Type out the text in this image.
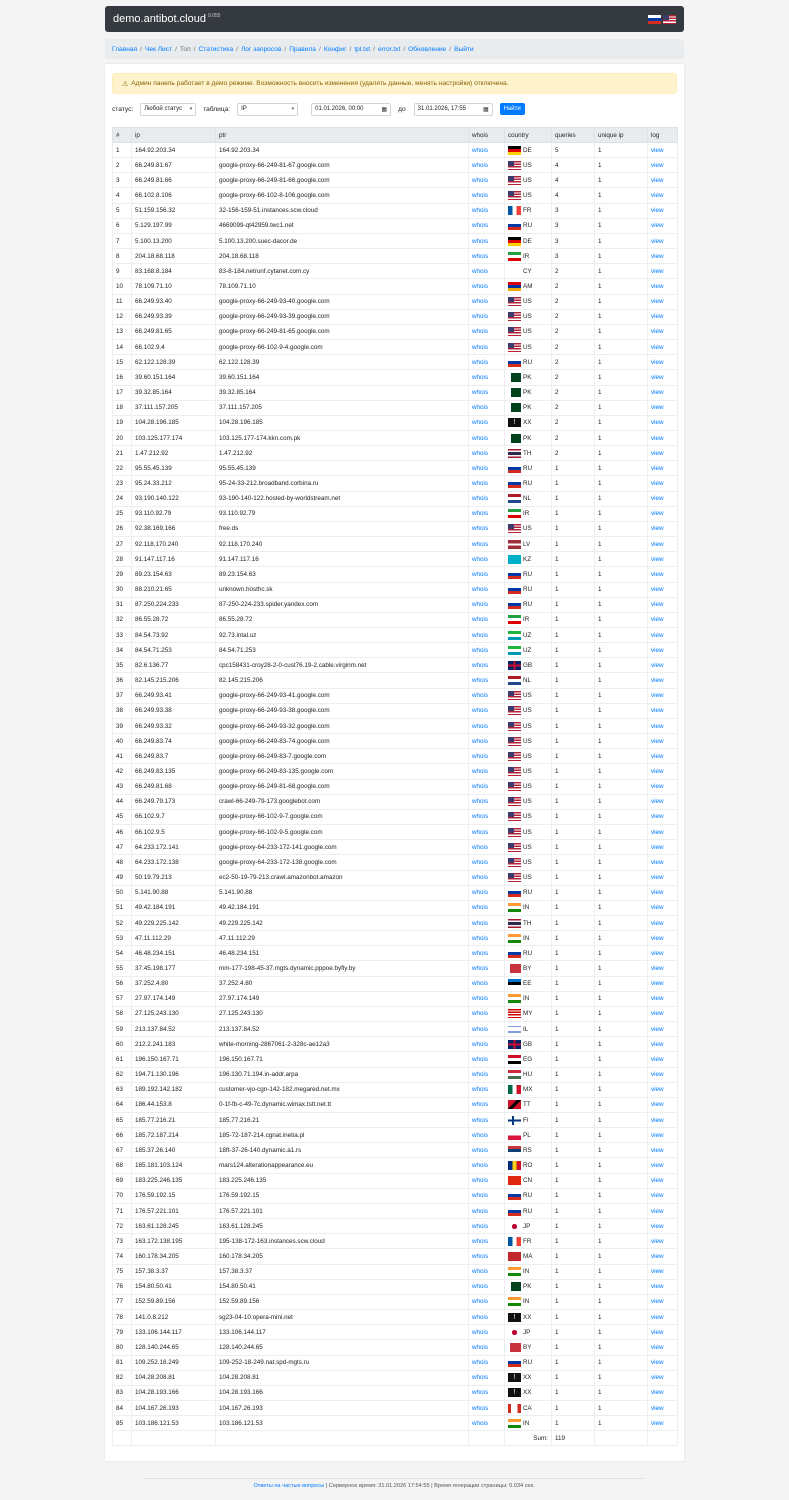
demo.antibot.cloud $^{9.055}$
Главная / Чек Лист / Топ / Статистика / Лог запросов / Правила / Конфиг / tpl.txt / error.txt / Обновление / Выйти
⚠ Админ панель работает в демо режиме. Возможность вносить изменения (удалять данные, менять настройки) отключена.
статус: Любой статус ▾ таблица: IP	▾	01.01.2026, 00:00	▦ до 31.01.2026, 17:55	▦	Найти
#	ip	ptr	whois	country	queries	unique ip	log
1	164.92.203.34	164.92.203.34	whois	DE	5	1	view
2	66.249.81.67	google-proxy-66-249-81-67.google.com	whois	US	4	1	view
3	66.249.81.66	google-proxy-66-249-81-66.google.com	whois	US	4	1	view
4	66.102.8.106	google-proxy-66-102-8-106.google.com	whois	US	4	1	view
5	51.159.156.32	32-156-159-51.instances.scw.cloud	whois	FR	3	1	view
6	5.129.197.99	4669099-qt42959.twc1.net	whois	RU	3	1	view
7	5.100.13.200	5.100.13.200.suec-dacor.de	whois	DE	3	1	view
8	204.18.68.118	204.18.68.118	whois	IR	3	1	view
9	83.168.8.184	83-8-184.netrunf.cytanet.com.cy	whois	CY	2	1	view
10	78.109.71.10	78.109.71.10	whois	AM	2	1	view
11	66.249.93.40	google-proxy-66-249-93-40.google.com	whois	US	2	1	view
12	66.249.93.39	google-proxy-66-249-93-39.google.com	whois	US	2	1	view
13	66.249.81.65	google-proxy-66-249-81-65.google.com	whois	US	2	1	view
14	66.102.9.4	google-proxy-66-102-9-4.google.com	whois	US	2	1	view
15	62.122.128.39	62.122.128.39	whois	RU	2	1	view
16	39.60.151.164	39.60.151.164	whois	PK	2	1	view
17	39.32.85.164	39.32.85.164	whois	PK	2	1	view
18	37.111.157.205	37.111.157.205	whois	PK	2	1	view
19	104.28.196.185	104.28.196.185	whois	! XX	2	1	view
20	103.125.177.174	103.125.177-174.kkn.com.pk	whois	PK	2	1	view
21	1.47.212.92	1.47.212.92	whois	TH	2	1	view
22	95.55.45.139	95.55.45.139	whois	RU	1	1	view
23	95.24.33.212	95-24-33-212.broadband.corbina.ru	whois	RU	1	1	view
24	93.190.140.122	93-190-140-122.hosted-by-worldstream.net	whois	NL	1	1	view
25	93.110.92.79	93.110.92.79	whois	IR	1	1	view
26	92.38.169.166	free.ds	whois	US	1	1	view
27	92.118.170.240	92.118.170.240	whois	LV	1	1	view
28	91.147.117.16	91.147.117.16	whois	KZ	1	1	view
29	89.23.154.63	89.23.154.63	whois	RU	1	1	view
30	88.210.21.65	unknown.hosthc.sk	whois	RU	1	1	view
31	87.250.224.233	87-250-224-233.spider.yandex.com	whois	RU	1	1	view
32	86.55.28.72	86.55.28.72	whois	IR	1	1	view
33	84.54.73.92	92.73.intal.uz	whois	UZ	1	1	view
34	84.54.71.253	84.54.71.253	whois	UZ	1	1	view
35	82.6.136.77	cpc158431-croy28-2-0-cust76.19-2.cable.virginm.net	whois	GB	1	1	view
36	82.145.215.206	82.145.215.206	whois	NL	1	1	view
37	66.249.93.41	google-proxy-66-249-93-41.google.com	whois	US	1	1	view
38	66.249.93.38	google-proxy-66-249-93-38.google.com	whois	US	1	1	view
39	66.249.93.32	google-proxy-66-249-93-32.google.com	whois	US	1	1	view
40	66.249.83.74	google-proxy-66-249-83-74.google.com	whois	US	1	1	view
41	66.249.83.7	google-proxy-66-249-83-7.google.com	whois	US	1	1	view
42	66.249.83.135	google-proxy-66-249-83-135.google.com	whois	US	1	1	view
43	66.249.81.68	google-proxy-66-249-81-68.google.com	whois	US	1	1	view
44	66.249.79.173	crawl-66-249-79-173.googlebot.com	whois	US	1	1	view
45	66.102.9.7	google-proxy-66-102-9-7.google.com	whois	US	1	1	view
46	66.102.9.5	google-proxy-66-102-9-5.google.com	whois	US	1	1	view
47	64.233.172.141	google-proxy-64-233-172-141.google.com	whois	US	1	1	view
48	64.233.172.138	google-proxy-64-233-172-138.google.com	whois	US	1	1	view
49	50.19.79.213	ec2-50-19-79-213.crawl.amazonbot.amazon	whois	US	1	1	view
50	5.141.90.88	5.141.90.88	whois	RU	1	1	view
51	49.42.184.191	49.42.184.191	whois	IN	1	1	view
52	49.229.225.142	49.229.225.142	whois	TH	1	1	view
53	47.11.112.29	47.11.112.29	whois	IN	1	1	view
54	46.48.234.151	46.48.234.151	whois	RU	1	1	view
55	37.45.198.177	mm-177-198-45-37.mgts.dynamic.pppoe.byfly.by	whois	BY	1	1	view
56	37.252.4.80	37.252.4.80	whois	EE	1	1	view
57	27.97.174.149	27.97.174.149	whois	IN	1	1	view
58	27.125.243.130	27.125.243.130	whois	MY	1	1	view
59	213.137.84.52	213.137.84.52	whois	IL	1	1	view
60	212.2.241.183	white-morning-2867061-2-328c-ae12a3	whois	GB	1	1	view
61	196.150.167.71	196.150.167.71	whois	EG	1	1	view
62	194.71.130.196	196.130.71.194.in-addr.arpa	whois	HU	1	1	view
63	189.192.142.182	customer-vjo-cgn-142-182.megared.net.mx	whois	MX	1	1	view
64	186.44.153.8	0-1f-fb-c-49-7c.dynamic.wimax.tstt.net.tt	whois	TT	1	1	view
65	185.77.216.21	185.77.216.21	whois	FI	1	1	view
66	185.72.187.214	185-72-187-214.cgnat.inetia.pl	whois	PL	1	1	view
67	185.37.26.140	18ft-37-26-140.dynamic.a1.rs	whois	RS	1	1	view
68	185.181.103.124	mars124.alterationappearance.eu	whois	RO	1	1	view
69	183.225.246.135	183.225.246.135	whois	CN	1	1	view
70	176.59.192.15	176.59.192.15	whois	RU	1	1	view
71	176.57.221.101	176.57.221.101	whois	RU	1	1	view
72	163.61.128.245	163.61.128.245	whois	JP	1	1	view
73	163.172.138.195	195-138-172-163.instances.scw.cloud	whois	FR	1	1	view
74	160.178.34.205	160.178.34.205	whois	MA	1	1	view
75	157.38.3.37	157.38.3.37	whois	IN	1	1	view
76	154.80.50.41	154.80.50.41	whois	PK	1	1	view
77	152.59.89.156	152.59.89.156	whois	IN	1	1	view
78	141.0.8.212	sg23-04-10.opera-mini.net	whois	! XX	1	1	view
79	133.106.144.117	133.106.144.117	whois	JP	1	1	view
80	128.140.244.65	128.140.244.65	whois	BY	1	1	view
81	109.252.18.249	109-252-18-249.nat.spd-mgts.ru	whois	RU	1	1	view
82	104.28.208.81	104.28.208.81	whois	! XX	1	1	view
83	104.28.193.166	104.28.193.166	whois	! XX	1	1	view
84	104.167.26.193	104.167.26.193	whois	CA	1	1	view
85	103.186.121.53	103.186.121.53	whois	IN	1	1	view
				Sum:	119		
Ответы на частые вопросы | Серверное время: 31.01.2026 17:54:55 | Время генерации страницы: 0.034 сек.
